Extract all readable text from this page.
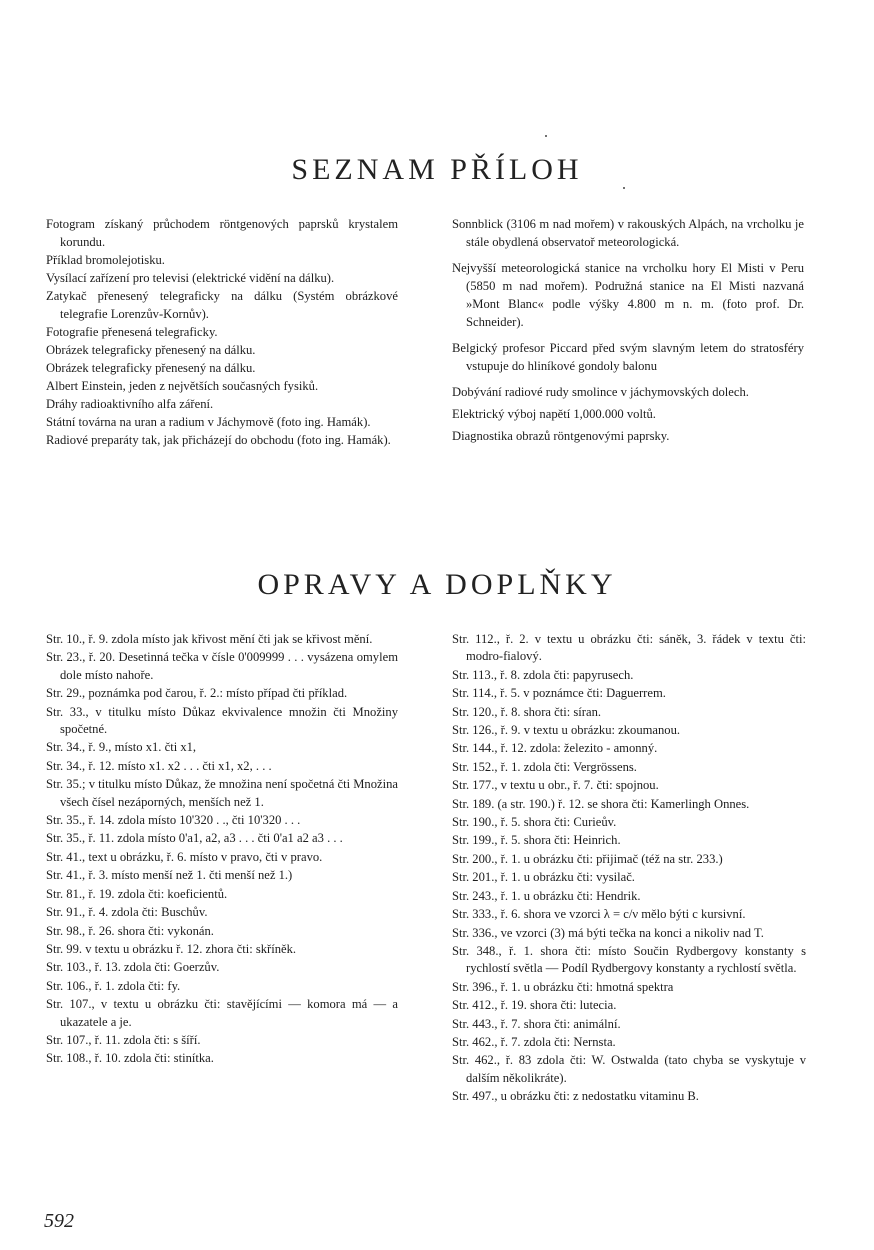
SEZNAM PŘÍLOH
Fotogram získaný průchodem röntgenových paprsků krystalem korundu.
Příklad bromolejotisku.
Vysílací zařízení pro televisi (elektrické vidění na dálku).
Zatykač přenesený telegraficky na dálku (Systém obrázkové telegrafie Lorenzův-Kornův).
Fotografie přenesená telegraficky.
Obrázek telegraficky přenesený na dálku.
Obrázek telegraficky přenesený na dálku.
Albert Einstein, jeden z největších současných fysiků.
Dráhy radioaktivního alfa záření.
Státní továrna na uran a radium v Jáchymově (foto ing. Hamák).
Radiové preparáty tak, jak přicházejí do obchodu (foto ing. Hamák).
Sonnblick (3106 m nad mořem) v rakouských Alpách, na vrcholku je stále obydlená observatoř meteorologická.
Nejvyšší meteorologická stanice na vrcholku hory El Misti v Peru (5850 m nad mořem). Podružná stanice na El Misti nazvaná »Mont Blanc« podle výšky 4.800 m n. m. (foto prof. Dr. Schneider).
Belgický profesor Piccard před svým slavným letem do stratosféry vstupuje do hliníkové gondoly balonu
Dobývání radiové rudy smolince v jáchymovských dolech.
Elektrický výboj napětí 1,000.000 voltů.
Diagnostika obrazů röntgenovými paprsky.
OPRAVY A DOPLŇKY
Str. 10., ř. 9. zdola místo jak křivost mění čti jak se křivost mění.
Str. 23., ř. 20. Desetinná tečka v čísle 0'009999 . . . vysázena omylem dole místo nahoře.
Str. 29., poznámka pod čarou, ř. 2.: místo případ čti příklad.
Str. 33., v titulku místo Důkaz ekvivalence množin čti Množiny spočetné.
Str. 34., ř. 9., místo x1. čti x1,
Str. 34., ř. 12. místo x1. x2 . . . čti x1, x2, . . .
Str. 35.; v titulku místo Důkaz, že množina není spočetná čti Množina všech čísel nezáporných, menších než 1.
Str. 35., ř. 14. zdola místo 10'320 . ., čti 10'320 . . .
Str. 35., ř. 11. zdola místo 0'a1, a2, a3 . . . čti 0'a1 a2 a3 . . .
Str. 41., text u obrázku, ř. 6. místo v pravo, čti v pravo.
Str. 41., ř. 3. místo menší než 1. čti menší než 1.)
Str. 81., ř. 19. zdola čti: koeficientů.
Str. 91., ř. 4. zdola čti: Buschův.
Str. 98., ř. 26. shora čti: vykonán.
Str. 99. v textu u obrázku ř. 12. zhora čti: skříněk.
Str. 103., ř. 13. zdola čti: Goerzův.
Str. 106., ř. 1. zdola čti: fy.
Str. 107., v textu u obrázku čti: stavějícími — komora má — a ukazatele a je.
Str. 107., ř. 11. zdola čti: s šíří.
Str. 108., ř. 10. zdola čti: stinítka.
Str. 112., ř. 2. v textu u obrázku čti: sáněk, 3. řádek v textu čti: modro-fialový.
Str. 113., ř. 8. zdola čti: papyrusech.
Str. 114., ř. 5. v poznámce čti: Daguerrem.
Str. 120., ř. 8. shora čti: síran.
Str. 126., ř. 9. v textu u obrázku: zkoumanou.
Str. 144., ř. 12. zdola: železito - amonný.
Str. 152., ř. 1. zdola čti: Vergrössens.
Str. 177., v textu u obr., ř. 7. čti: spojnou.
Str. 189. (a str. 190.) ř. 12. se shora čti: Kamerlingh Onnes.
Str. 190., ř. 5. shora čti: Curieův.
Str. 199., ř. 5. shora čti: Heinrich.
Str. 200., ř. 1. u obrázku čti: přijimač (též na str. 233.)
Str. 201., ř. 1. u obrázku čti: vysilač.
Str. 243., ř. 1. u obrázku čti: Hendrik.
Str. 333., ř. 6. shora ve vzorci λ = c/ν mělo býti c kursivní.
Str. 336., ve vzorci (3) má býti tečka na konci a nikoliv nad T.
Str. 348., ř. 1. shora čti: místo Součin Rydbergovy konstanty s rychlostí světla — Podíl Rydbergovy konstanty a rychlostí světla.
Str. 396., ř. 1. u obrázku čti: hmotná spektra
Str. 412., ř. 19. shora čti: lutecia.
Str. 443., ř. 7. shora čti: animální.
Str. 462., ř. 7. zdola čti: Nernsta.
Str. 462., ř. 83 zdola čti: W. Ostwalda (tato chyba se vyskytuje v dalším několikráte).
Str. 497., u obrázku čti: z nedostatku vitaminu B.
592
